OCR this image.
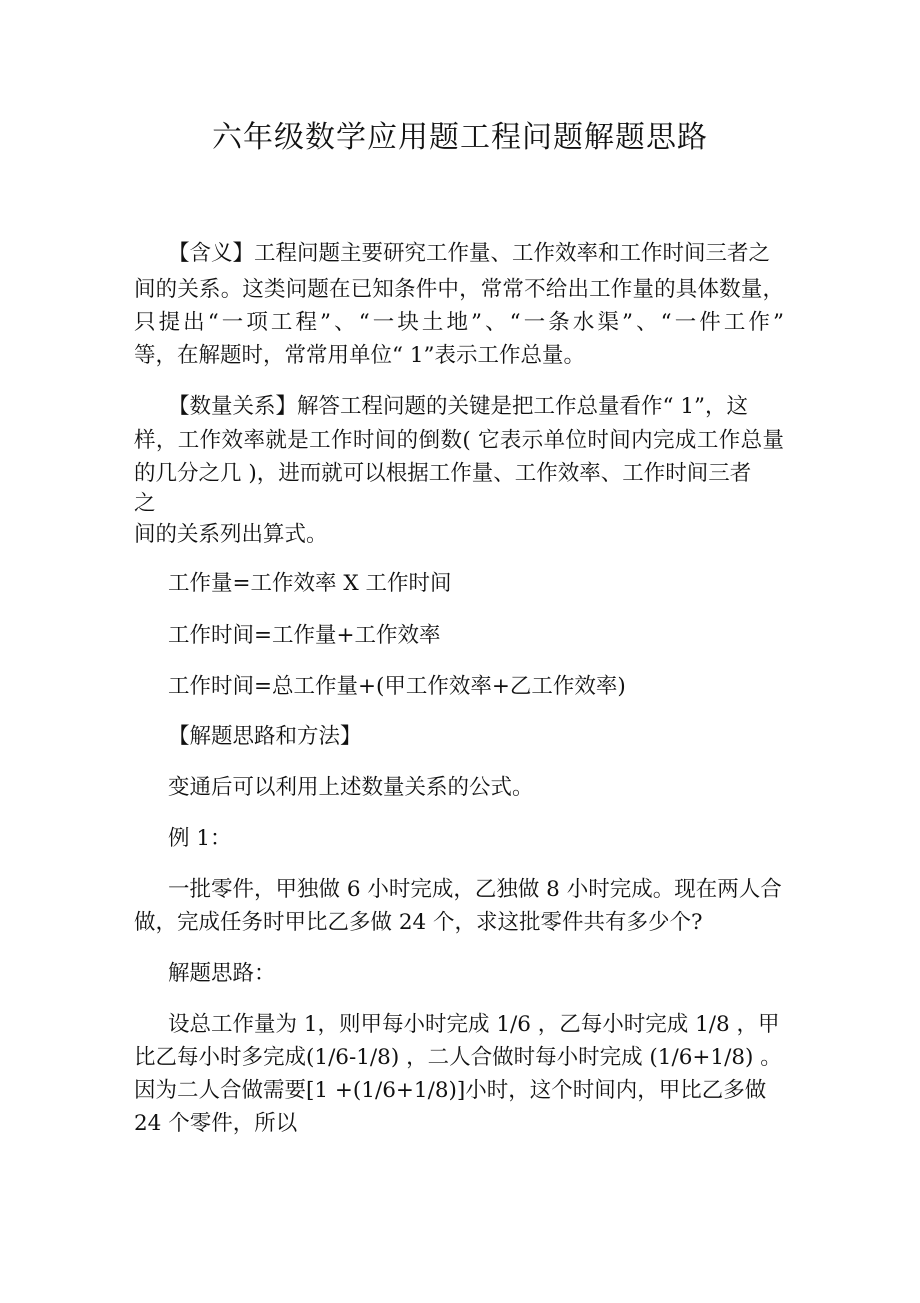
六年级数学应用题工程问题解题思路

【含义】工程问题主要研究工作量、工作效率和工作时间三者之

间的关系。这类问题在已知条件中，常常不给出工作量的具体数量，

只提出“一项工程”、“一块土地”、“一条水渠”、“一件工作”

等，在解题时，常常用单位“ 1”表示工作总量。

【数量关系】解答工程问题的关键是把工作总量看作“ 1”，这

样，工作效率就是工作时间的倒数( 它表示单位时间内完成工作总量

的几分之几 )，进而就可以根据工作量、工作效率、工作时间三者

之

间的关系列出算式。

工作量=工作效率 X 工作时间

工作时间=工作量+工作效率

工作时间=总工作量+(甲工作效率+乙工作效率)

【解题思路和方法】

变通后可以利用上述数量关系的公式。

例 1：

一批零件，甲独做 6 小时完成，乙独做 8 小时完成。现在两人合

做，完成任务时甲比乙多做 24 个，求这批零件共有多少个?

解题思路：

设总工作量为 1，则甲每小时完成 1/6 ，乙每小时完成 1/8 ，甲

比乙每小时多完成(1/6-1/8) ，二人合做时每小时完成 (1/6+1/8) 。

因为二人合做需要[1 +(1/6+1/8)]小时，这个时间内，甲比乙多做

24 个零件，所以
